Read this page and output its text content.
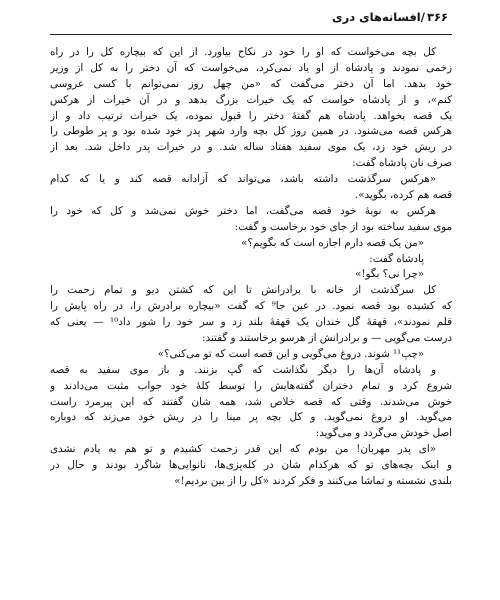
۳۶۶
/
افسانه‌های دری
کل بچه می‌خواست که او را خود در نکاح بیاورد. از این که بیچاره کل را در راه
زخمی نمودند و پادشاه از او یاد نمی‌کرد، می‌خواست که آن دختر را به کل از وزیر
خود بدهد. اما آن دختر می‌گفت که «من چهل روز نمی‌توانم با کسی عروسی
کنم»، و از پادشاه خواست که یک خیرات بزرگ بدهد و در آن خیرات از هرکس
یک قصه بخواهد. پادشاه هم گفتهٔ دختر را قبول نموده، یک خیرات ترتیب داد و از
هرکس قصه می‌شنود. در همین روز کل بچه وارد شهر پدر خود شده بود و پر طوطی را
در ریش خود زد، یک موی سفید هفتاد ساله شد. و در خیرات پدر داخل شد. بعد از
صرف نان پادشاه گفت:
«هرکس سرگذشت داشته باشد، می‌تواند که آزادانه قصه کند و یا که کدام
قصه هم کرده، بگوید».
هرکس به نوبهٔ خود قصه می‌گفت، اما دختر خوش نمی‌شد و کل که خود را
موی سفید ساخته بود از جای خود برخاست و گفت:
«من یک قصه دارم اجازه است که بگویم؟»
پادشاه گفت:
«چرا نی؟ بگو!»
کل سرگذشت از خانه با برادرانش تا این که کشتن دیو و تمام زحمت را
که کشیده بود قصه نمود. در عین جا⁹ که گفت «بیچاره برادرش را، در راه پایش را
قلم نمودند»، قهقهٔ گل خندان یک قهقهٔ بلند زد و سر خود را شور داد¹⁰ — یعنی که
درست می‌گویی — و برادرانش از هرسو برخاستند و گفتند:
«چپ¹¹ شوند. دروغ می‌گویی و این قصه است که تو می‌کنی؟»
و پادشاه آن‌ها را دیگر نگذاشت که گپ بزنند. و باز موی سفید به قصه
شروع کرد و تمام دختران گفته‌هایش را توسط کلهٔ خود جواب مثبت می‌دادند و
خوش می‌شدند. وقتی که قصه خلاص شد، همه شان گفتند که این پیرمرد راست
می‌گوید. او دروغ نمی‌گوید. و کل بچه پر مینا را در ریش خود می‌زند که دوباره
اصل خودش می‌گردد و می‌گوید:
«ای پدر مهربان! من بودم که این قدر زحمت کشیدم و تو هم به یادم نشدی
و اینک بچه‌های تو که هرکدام شان در کله‌پزی‌ها، نانوایی‌ها شاگرد بودند و حال در
بلندی نشسته و تماشا می‌کنند و فکر کردند «کل را از بین بردیم!»
